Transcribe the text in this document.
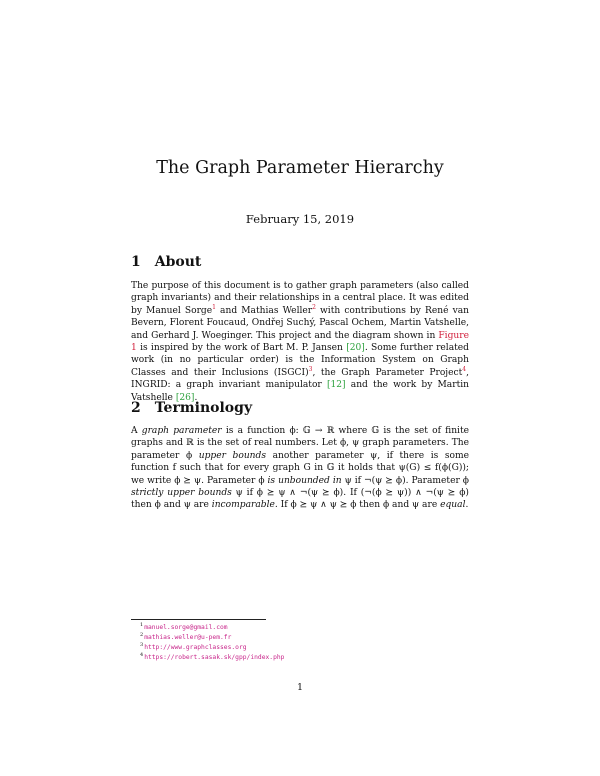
The Graph Parameter Hierarchy
February 15, 2019
1 About

The purpose of this document is to gather graph parameters (also called graph invariants) and their relationships in a central place. It was edited by Manuel Sorge$^1$ and Mathias Weller$^2$ with contributions by René van Bevern, Florent Foucaud, Ondřej Suchý, Pascal Ochem, Martin Vatshelle, and Gerhard J. Woeginger. This project and the diagram shown in Figure 1 is inspired by the work of Bart M. P. Jansen [20]. Some further related work (in no particular order) is the Information System on Graph Classes and their Inclusions (ISGCI)$^3$, the Graph Parameter Project$^4$, INGRID: a graph invariant manipulator [12] and the work by Martin Vatshelle [26].

2 Terminology

A graph parameter is a function ϕ: 𝔾 → ℝ where 𝔾 is the set of finite graphs and ℝ is the set of real numbers. Let ϕ, ψ graph parameters. The parameter ϕ upper bounds another parameter ψ, if there is some function f such that for every graph G in 𝔾 it holds that ψ(G) ≤ f(ϕ(G)); we write ϕ ⪰ ψ. Parameter ϕ is unbounded in ψ if ¬(ψ ⪰ ϕ). Parameter ϕ strictly upper bounds ψ if ϕ ⪰ ψ ∧ ¬(ψ ⪰ ϕ). If (¬(ϕ ⪰ ψ)) ∧ ¬(ψ ⪰ ϕ) then ϕ and ψ are incomparable. If ϕ ⪰ ψ ∧ ψ ⪰ ϕ then ϕ and ψ are equal.

$^1$manuel.sorge@gmail.com
$^2$mathias.weller@u-pem.fr
$^3$http://www.graphclasses.org
$^4$https://robert.sasak.sk/gpp/index.php
1
